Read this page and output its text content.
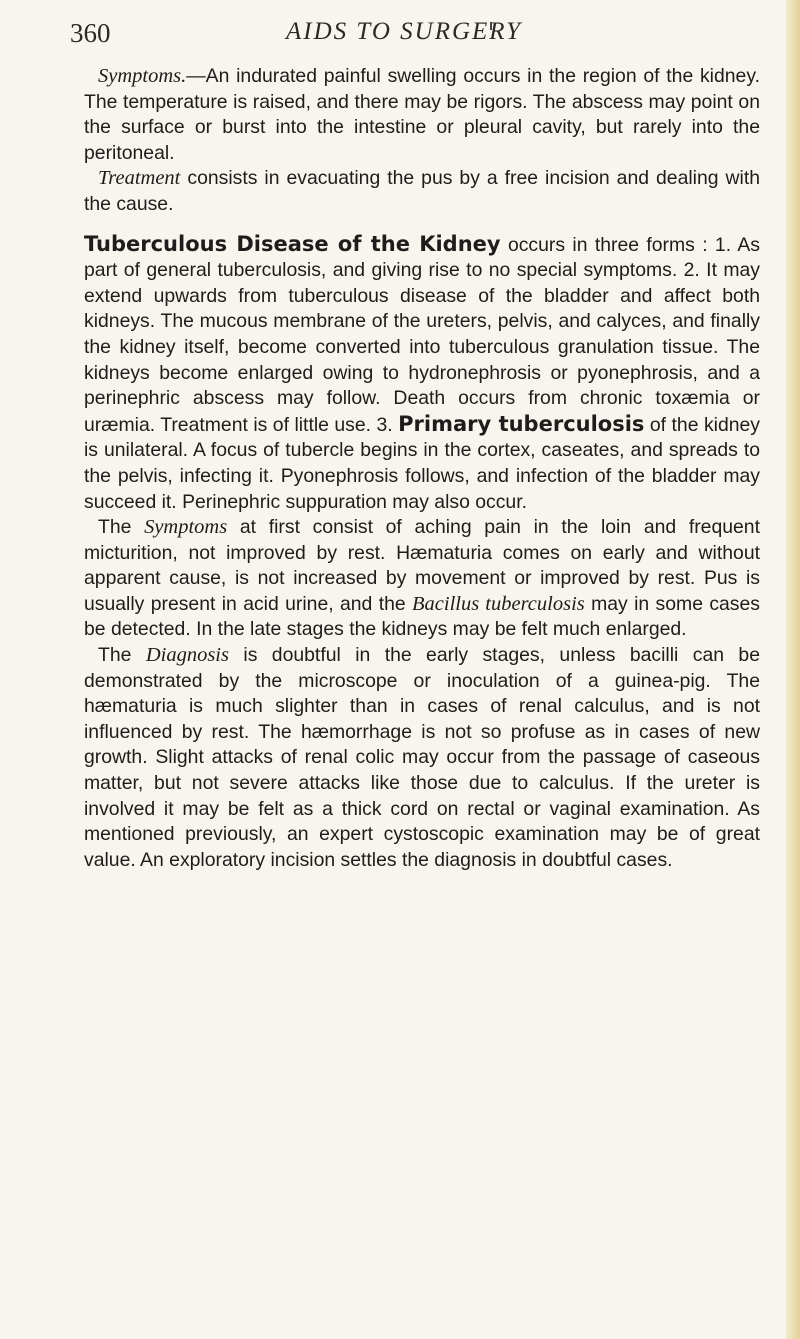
360	AIDS TO SURGERY
Symptoms.—An indurated painful swelling occurs in the region of the kidney. The temperature is raised, and there may be rigors. The abscess may point on the surface or burst into the intestine or pleural cavity, but rarely into the peritoneal.
Treatment consists in evacuating the pus by a free incision and dealing with the cause.
Tuberculous Disease of the Kidney occurs in three forms : 1. As part of general tuberculosis, and giving rise to no special symptoms. 2. It may extend upwards from tuberculous disease of the bladder and affect both kidneys. The mucous membrane of the ureters, pelvis, and calyces, and finally the kidney itself, become converted into tuberculous granulation tissue. The kidneys become enlarged owing to hydronephrosis or pyonephrosis, and a perinephric abscess may follow. Death occurs from chronic toxæmia or uræmia. Treatment is of little use. 3. Primary tuberculosis of the kidney is unilateral. A focus of tubercle begins in the cortex, caseates, and spreads to the pelvis, infecting it. Pyonephrosis follows, and infection of the bladder may succeed it. Perinephric suppuration may also occur.
The Symptoms at first consist of aching pain in the loin and frequent micturition, not improved by rest. Hæmaturia comes on early and without apparent cause, is not increased by movement or improved by rest. Pus is usually present in acid urine, and the Bacillus tuberculosis may in some cases be detected. In the late stages the kidneys may be felt much enlarged.
The Diagnosis is doubtful in the early stages, unless bacilli can be demonstrated by the microscope or inoculation of a guinea-pig. The hæmaturia is much slighter than in cases of renal calculus, and is not influenced by rest. The hæmorrhage is not so profuse as in cases of new growth. Slight attacks of renal colic may occur from the passage of caseous matter, but not severe attacks like those due to calculus. If the ureter is involved it may be felt as a thick cord on rectal or vaginal examination. As mentioned previously, an expert cystoscopic examination may be of great value. An exploratory incision settles the diagnosis in doubtful cases.
